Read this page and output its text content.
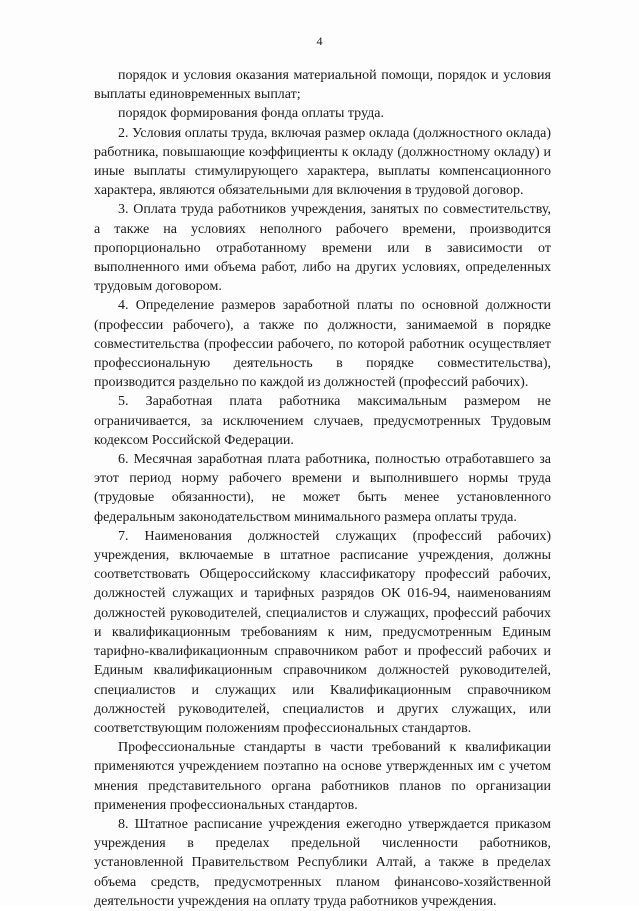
4

порядок и условия оказания материальной помощи, порядок и условия выплаты единовременных выплат;

порядок формирования фонда оплаты труда.

2. Условия оплаты труда, включая размер оклада (должностного оклада) работника, повышающие коэффициенты к окладу (должностному окладу) и иные выплаты стимулирующего характера, выплаты компенсационного характера, являются обязательными для включения в трудовой договор.

3. Оплата труда работников учреждения, занятых по совместительству, а также на условиях неполного рабочего времени, производится пропорционально отработанному времени или в зависимости от выполненного ими объема работ, либо на других условиях, определенных трудовым договором.

4. Определение размеров заработной платы по основной должности (профессии рабочего), а также по должности, занимаемой в порядке совместительства (профессии рабочего, по которой работник осуществляет профессиональную деятельность в порядке совместительства), производится раздельно по каждой из должностей (профессий рабочих).

5. Заработная плата работника максимальным размером не ограничивается, за исключением случаев, предусмотренных Трудовым кодексом Российской Федерации.

6. Месячная заработная плата работника, полностью отработавшего за этот период норму рабочего времени и выполнившего нормы труда (трудовые обязанности), не может быть менее установленного федеральным законодательством минимального размера оплаты труда.

7. Наименования должностей служащих (профессий рабочих) учреждения, включаемые в штатное расписание учреждения, должны соответствовать Общероссийскому классификатору профессий рабочих, должностей служащих и тарифных разрядов ОК 016-94, наименованиям должностей руководителей, специалистов и служащих, профессий рабочих и квалификационным требованиям к ним, предусмотренным Единым тарифно-квалификационным справочником работ и профессий рабочих и Единым квалификационным справочником должностей руководителей, специалистов и служащих или Квалификационным справочником должностей руководителей, специалистов и других служащих, или соответствующим положениям профессиональных стандартов.

Профессиональные стандарты в части требований к квалификации применяются учреждением поэтапно на основе утвержденных им с учетом мнения представительного органа работников планов по организации применения профессиональных стандартов.

8. Штатное расписание учреждения ежегодно утверждается приказом учреждения в пределах предельной численности работников, установленной Правительством Республики Алтай, а также в пределах объема средств, предусмотренных планом финансово-хозяйственной деятельности учреждения на оплату труда работников учреждения.
